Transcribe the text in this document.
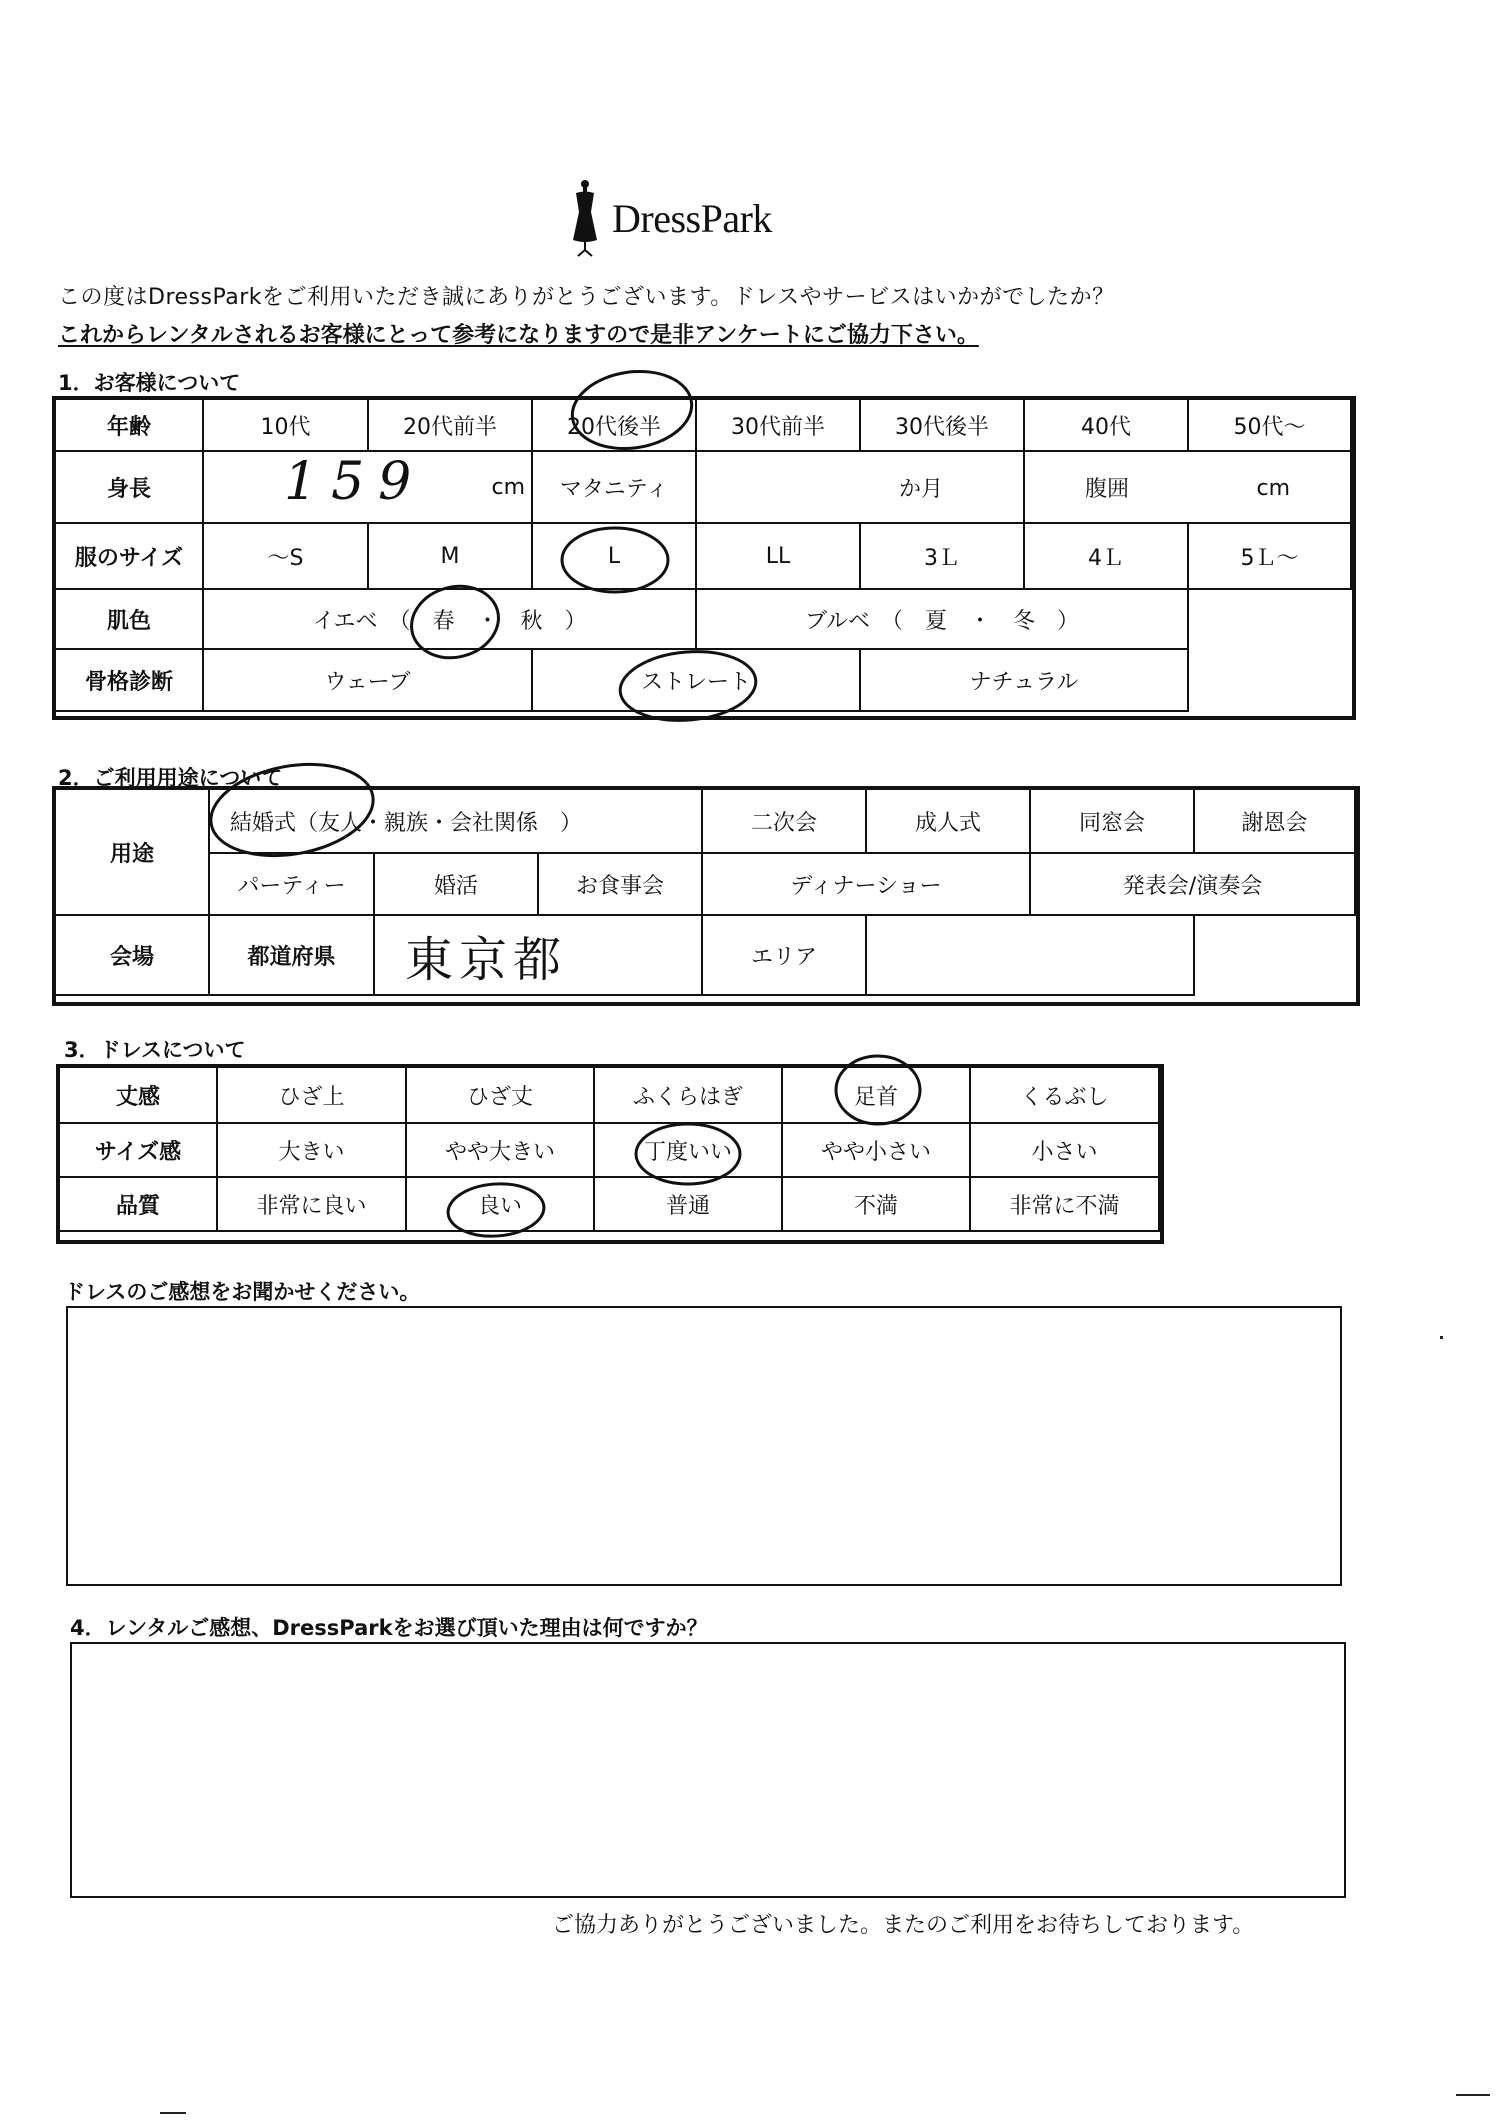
DressPark
この度はDressParkをご利用いただき誠にありがとうございます。ドレスやサービスはいかがでしたか？
これからレンタルされるお客様にとって参考になりますので是非アンケートにご協力下さい。
1．お客様について
年齢	10代	20代前半	20代後半	30代前半	30代後半	40代	50代～
身長	159 cm		マタニティ	か月		腹囲 cm	

服のサイズ	～S	M	L	LL	3Ｌ	4Ｌ	5Ｌ～
肌色	イエベ　（　春　・　秋　）			ブルベ　（　夏　・　冬　）			
骨格診断	ウェーブ		ストレート		ナチュラル		
2．ご利用用途について
用途	結婚式（友人・親族・会社関係　）			二次会	成人式	同窓会	謝恩会
	パーティー	婚活	お食事会	ディナーショー		発表会/演奏会	
会場	都道府県	東京都		エリア			
3．ドレスについて
丈感	ひざ上	ひざ丈	ふくらはぎ	足首	くるぶし
サイズ感	大きい	やや大きい	丁度いい	やや小さい	小さい
品質	非常に良い	良い	普通	不満	非常に不満
ドレスのご感想をお聞かせください。
4．レンタルご感想、DressParkをお選び頂いた理由は何ですか？
ご協力ありがとうございました。またのご利用をお待ちしております。
